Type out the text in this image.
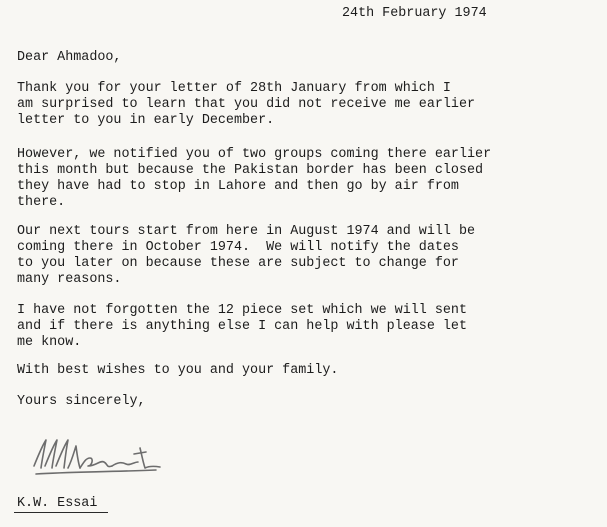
24th February 1974
Dear Ahmadoo,
Thank you for your letter of 28th January from which I
am surprised to learn that you did not receive me earlier
letter to you in early December.
However, we notified you of two groups coming there earlier
this month but because the Pakistan border has been closed
they have had to stop in Lahore and then go by air from
there.
Our next tours start from here in August 1974 and will be
coming there in October 1974.  We will notify the dates
to you later on because these are subject to change for
many reasons.
I have not forgotten the 12 piece set which we will sent
and if there is anything else I can help with please let
me know.
With best wishes to you and your family.
Yours sincerely,
K.W. Essai
